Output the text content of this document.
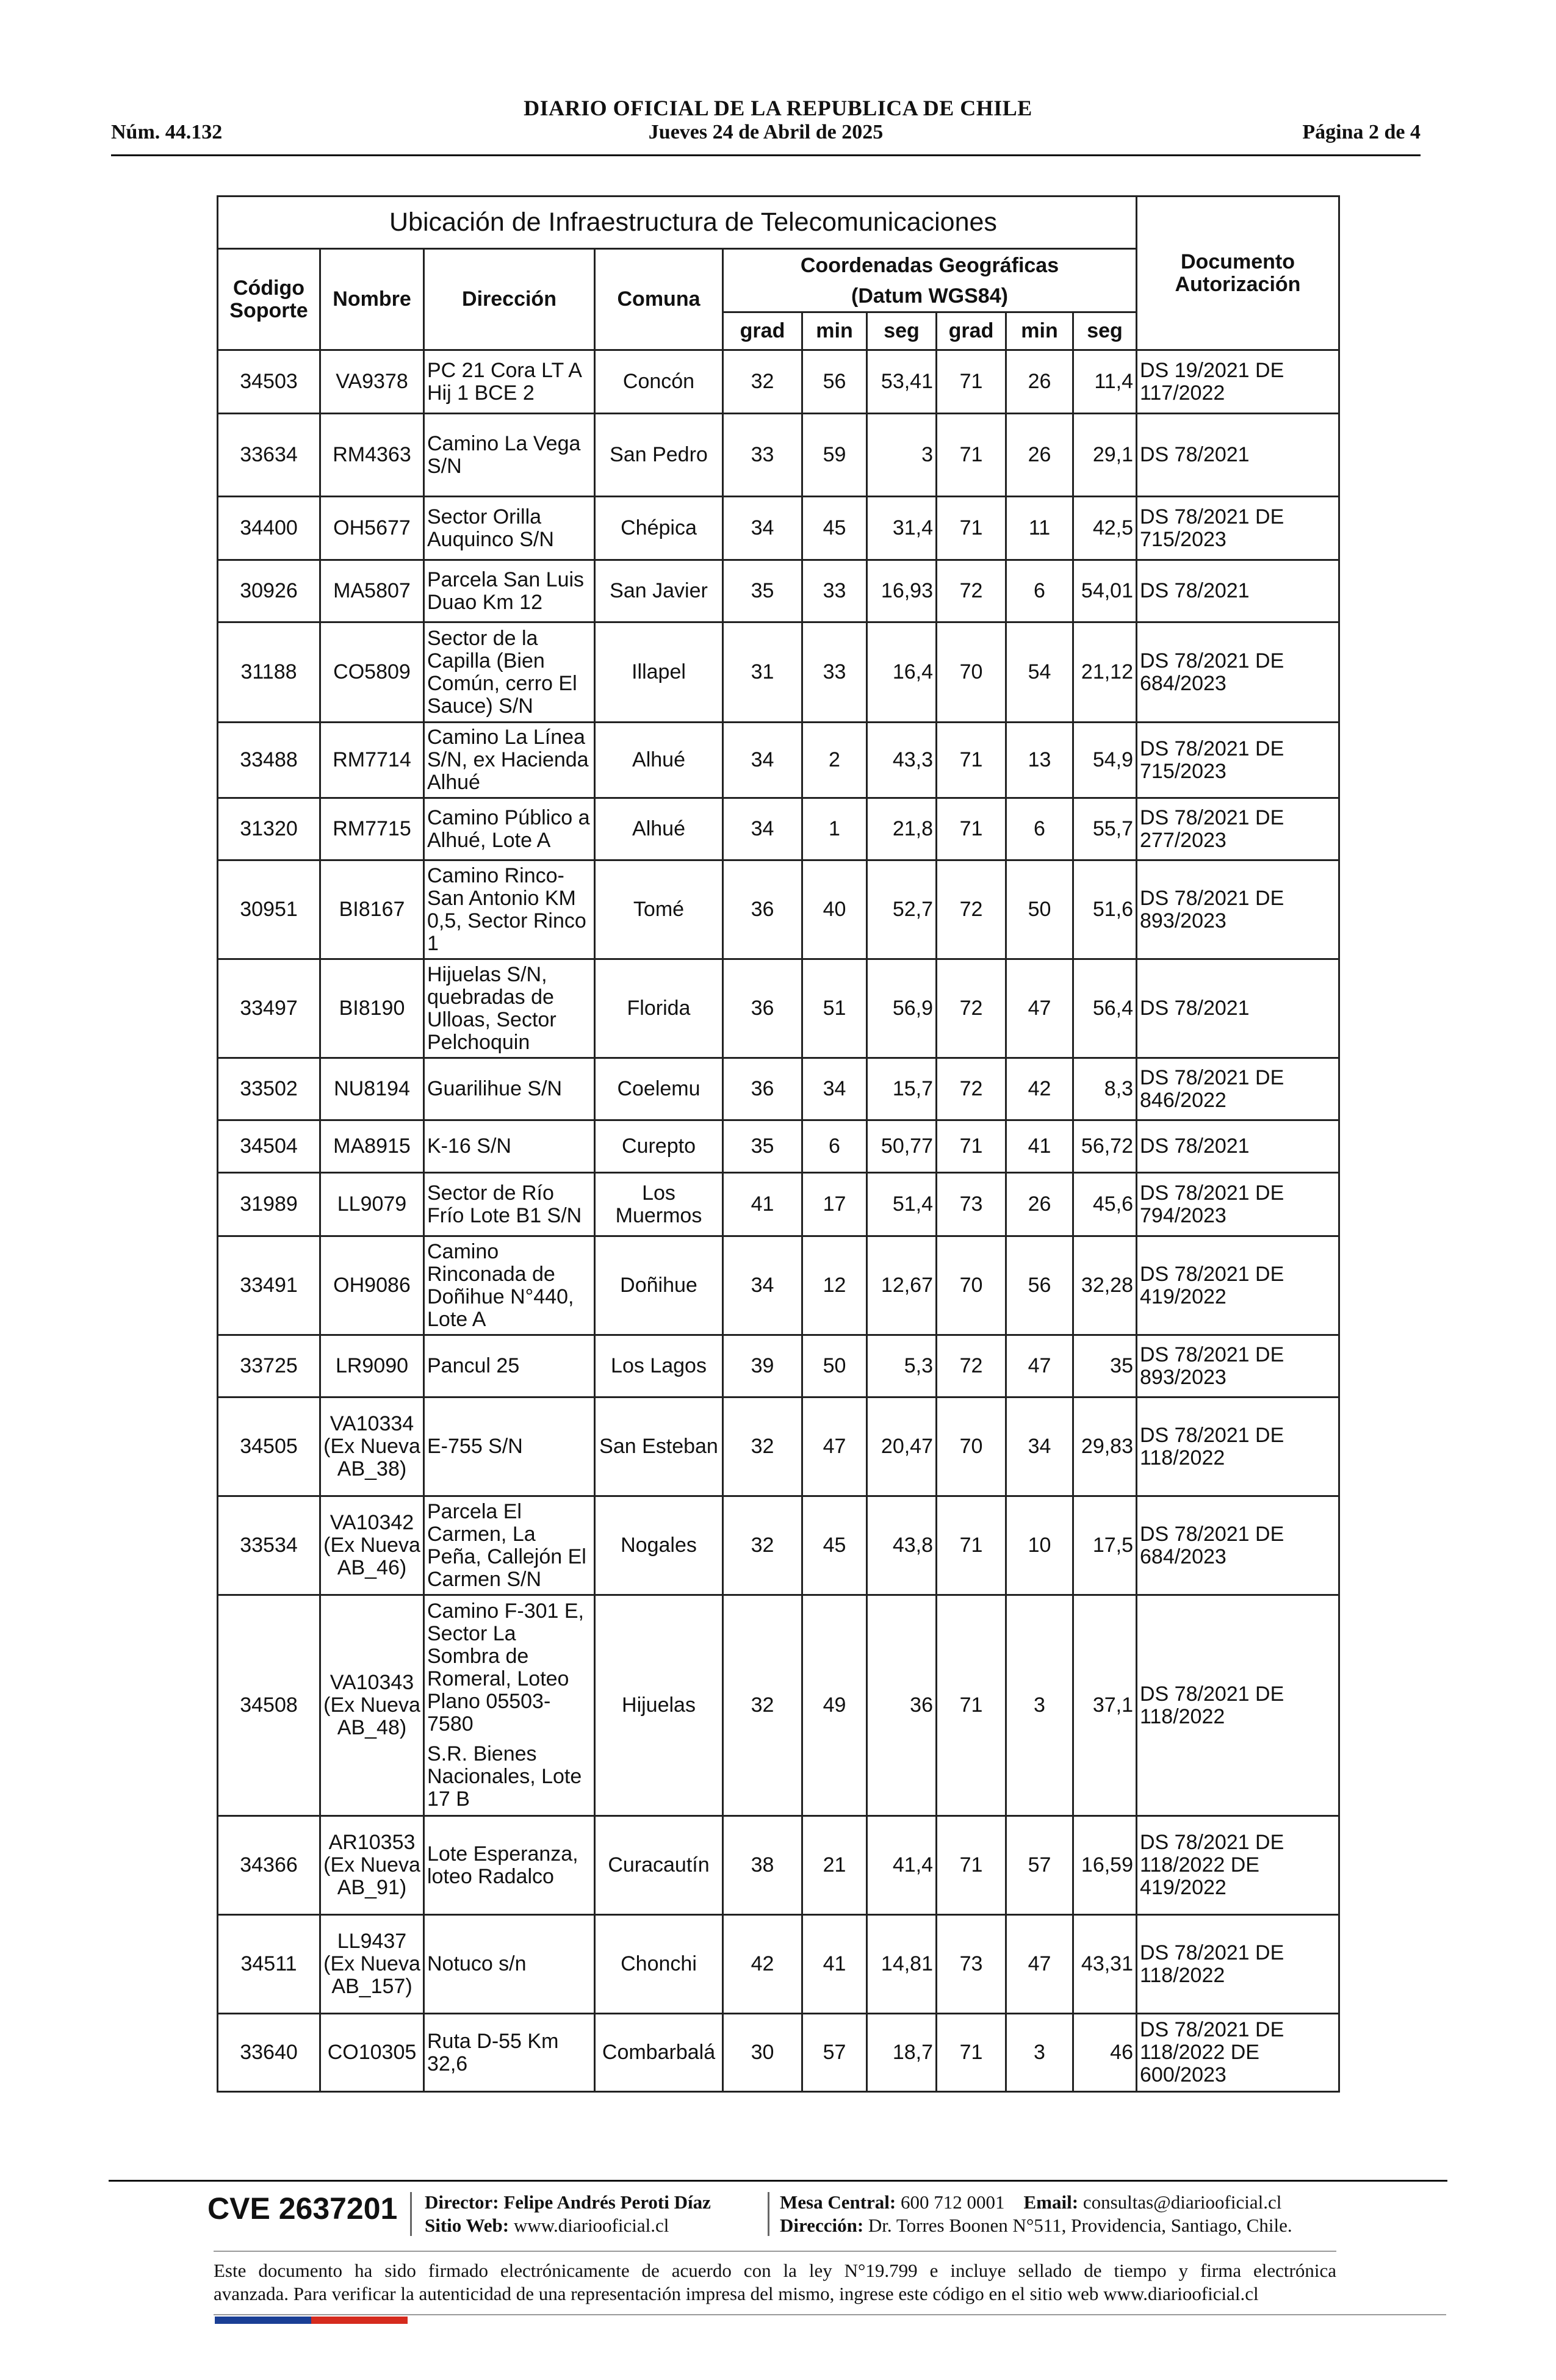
DIARIO OFICIAL DE LA REPUBLICA DE CHILE
Núm. 44.132	Jueves 24 de Abril de 2025	Página 2 de 4
Ubicación de Infraestructura de Telecomunicaciones										Documento Autorización
Código Soporte	Nombre	Dirección	Comuna	Coordenadas Geográficas
(Datum WGS84)						

				grad	min	seg	grad	min	seg	
34503	VA9378	PC 21 Cora LT A Hij 1 BCE 2	Concón	32	56	53,41	71	26	11,4	DS 19/2021 DE 117/2022
33634	RM4363	Camino La Vega S/N	San Pedro	33	59	3	71	26	29,1	DS 78/2021
34400	OH5677	Sector Orilla Auquinco S/N	Chépica	34	45	31,4	71	11	42,5	DS 78/2021 DE 715/2023
30926	MA5807	Parcela San Luis Duao Km 12	San Javier	35	33	16,93	72	6	54,01	DS 78/2021
31188	CO5809	Sector de la Capilla (Bien Común, cerro El Sauce) S/N	Illapel	31	33	16,4	70	54	21,12	DS 78/2021 DE 684/2023
33488	RM7714	Camino La Línea S/N, ex Hacienda Alhué	Alhué	34	2	43,3	71	13	54,9	DS 78/2021 DE 715/2023
31320	RM7715	Camino Público a Alhué, Lote A	Alhué	34	1	21,8	71	6	55,7	DS 78/2021 DE 277/2023
30951	BI8167	Camino Rinco-San Antonio KM 0,5, Sector Rinco 1	Tomé	36	40	52,7	72	50	51,6	DS 78/2021 DE 893/2023
33497	BI8190	Hijuelas S/N, quebradas de Ulloas, Sector Pelchoquin	Florida	36	51	56,9	72	47	56,4	DS 78/2021
33502	NU8194	Guarilihue S/N	Coelemu	36	34	15,7	72	42	8,3	DS 78/2021 DE 846/2022
34504	MA8915	K-16 S/N	Curepto	35	6	50,77	71	41	56,72	DS 78/2021
31989	LL9079	Sector de Río Frío Lote B1 S/N	Los Muermos	41	17	51,4	73	26	45,6	DS 78/2021 DE 794/2023
33491	OH9086	Camino Rinconada de Doñihue N°440, Lote A	Doñihue	34	12	12,67	70	56	32,28	DS 78/2021 DE 419/2022
33725	LR9090	Pancul 25	Los Lagos	39	50	5,3	72	47	35	DS 78/2021 DE 893/2023
34505	VA10334 (Ex Nueva AB_38)	E-755 S/N	San Esteban	32	47	20,47	70	34	29,83	DS 78/2021 DE 118/2022
33534	VA10342 (Ex Nueva AB_46)	Parcela El Carmen, La Peña, Callejón El Carmen S/N	Nogales	32	45	43,8	71	10	17,5	DS 78/2021 DE 684/2023
34508	VA10343 (Ex Nueva AB_48)	Camino F-301 E, Sector La Sombra de Romeral, Loteo Plano 05503-7580
S.R. Bienes Nacionales, Lote 17 B	Hijuelas	32	49	36	71	3	37,1	DS 78/2021 DE 118/2022
34366	AR10353 (Ex Nueva AB_91)	Lote Esperanza, loteo Radalco	Curacautín	38	21	41,4	71	57	16,59	DS 78/2021 DE 118/2022 DE 419/2022
34511	LL9437 (Ex Nueva AB_157)	Notuco s/n	Chonchi	42	41	14,81	73	47	43,31	DS 78/2021 DE 118/2022
33640	CO10305	Ruta D-55 Km 32,6	Combarbalá	30	57	18,7	71	3	46	DS 78/2021 DE 118/2022 DE 600/2023
CVE 2637201 Director: Felipe Andrés Peroti Díaz
Sitio Web: www.diariooficial.cl
Mesa Central: 600 712 0001 Email: consultas@diariooficial.cl
Dirección: Dr. Torres Boonen N°511, Providencia, Santiago, Chile.
Este documento ha sido firmado electrónicamente de acuerdo con la ley N°19.799 e incluye sellado de tiempo y firma electrónica
avanzada. Para verificar la autenticidad de una representación impresa del mismo, ingrese este código en el sitio web www.diariooficial.cl
